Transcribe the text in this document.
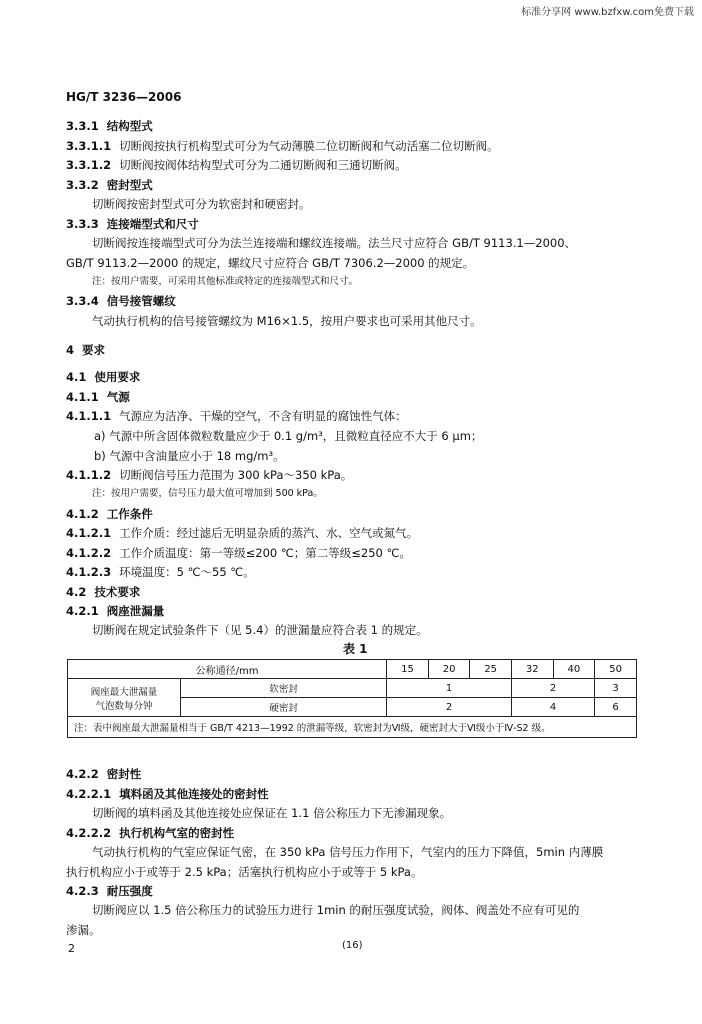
标准分享网 www.bzfxw.com免费下载
HG/T 3236—2006
3.3.1 结构型式
3.3.1.1 切断阀按执行机构型式可分为气动薄膜二位切断阀和气动活塞二位切断阀。
3.3.1.2 切断阀按阀体结构型式可分为二通切断阀和三通切断阀。
3.3.2 密封型式
切断阀按密封型式可分为软密封和硬密封。
3.3.3 连接端型式和尺寸
切断阀按连接端型式可分为法兰连接端和螺纹连接端。法兰尺寸应符合 GB/T 9113.1—2000、
GB/T 9113.2—2000 的规定，螺纹尺寸应符合 GB/T 7306.2—2000 的规定。
注：按用户需要，可采用其他标准或特定的连接端型式和尺寸。
3.3.4 信号接管螺纹
气动执行机构的信号接管螺纹为 M16×1.5，按用户要求也可采用其他尺寸。
4 要求
4.1 使用要求
4.1.1 气源
4.1.1.1 气源应为洁净、干燥的空气，不含有明显的腐蚀性气体：
a) 气源中所含固体微粒数量应少于 0.1 g/m³，且微粒直径应不大于 6 μm；
b) 气源中含油量应小于 18 mg/m³。
4.1.1.2 切断阀信号压力范围为 300 kPa～350 kPa。
注：按用户需要，信号压力最大值可增加到 500 kPa。
4.1.2 工作条件
4.1.2.1 工作介质：经过滤后无明显杂质的蒸汽、水、空气或氮气。
4.1.2.2 工作介质温度：第一等级≤200 ℃；第二等级≤250 ℃。
4.1.2.3 环境温度：5 ℃～55 ℃。
4.2 技术要求
4.2.1 阀座泄漏量
切断阀在规定试验条件下（见 5.4）的泄漏量应符合表 1 的规定。
表 1
公称通径/mm		15	20	25	32	40	50

阀座最大泄漏量
气泡数每分钟	软密封	1			2		3
	硬密封	2			4		6
注：表中阀座最大泄漏量相当于 GB/T 4213—1992 的泄漏等级，软密封为Ⅵ级，硬密封大于Ⅵ级小于Ⅳ-S2 级。							
4.2.2 密封性
4.2.2.1 填料函及其他连接处的密封性
切断阀的填料函及其他连接处应保证在 1.1 倍公称压力下无渗漏现象。
4.2.2.2 执行机构气室的密封性
气动执行机构的气室应保证气密，在 350 kPa 信号压力作用下，气室内的压力下降值，5min 内薄膜
执行机构应小于或等于 2.5 kPa；活塞执行机构应小于或等于 5 kPa。
4.2.3 耐压强度
切断阀应以 1.5 倍公称压力的试验压力进行 1min 的耐压强度试验，阀体、阀盖处不应有可见的
渗漏。
2	(16)
